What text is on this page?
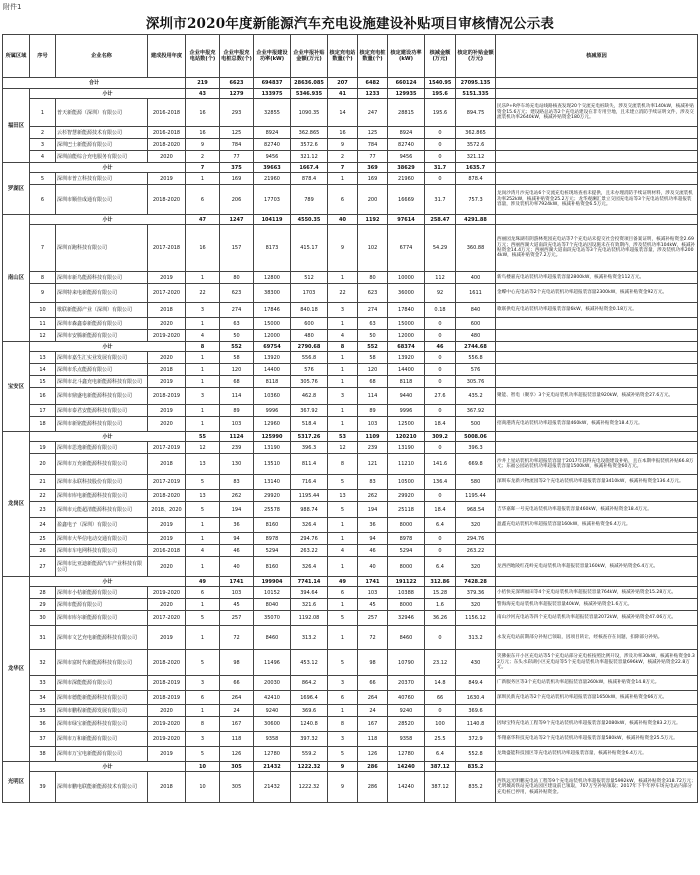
附件1
深圳市2020年度新能源汽车充电设施建设补贴项目审核情况公示表
所属区域	序号	企业名称	建成投用年度	企业申报充电站数(个)	企业申报充电桩总数(个)	企业申报建设功率(kW)	企业申报补贴金额(万元)	核定充电站数量(个)	核定充电桩数量(个)	核定建设功率(kW)	核减金额(万元)	核定的补贴金额(万元)	核减原因
合计				219	6623	694837	28636.085	207	6482	660124	1540.95	27095.135	
福田区	小计			43	1279	133975	5346.935	41	1233	129935	195.6	5151.335	
	1	普天新能源（深圳）有限公司	2016-2018	16	293	32855	1090.35	14	247	28815	195.6	894.75	民乐P+R停车场充电站线路核查发现20个交流充电桩缺失，涉及交流装机功率140kW，核减补贴资金15.6万元；建设路总站等2个充电站建设在非专用空地，且未建立消防手续证明文件，涉及交流装机功率2640kW，核减补贴资金180万元。
	2	云杉智慧新能源技术有限公司	2016-2018	16	125	8924	362.865	16	125	8924	0	362.865	
	3	深圳巴士新能源有限公司	2018-2020	9	784	82740	3572.6	9	784	82740	0	3572.6	
	4	深圳前能综合充电服务有限公司	2020	2	77	9456	321.12	2	77	9456	0	321.12	
罗湖区	小计			7	375	39663	1667.4	7	369	38629	31.7	1635.7	
	5	深圳市普立科技有限公司	2019	1	169	21960	878.4	1	169	21960	0	878.4	
	6	深圳市顺佳成通有限公司	2018-2020	6	206	17703	789	6	200	16669	31.7	757.3	龙岗沙湾月沙充电站6个交流充电桩现场查看未提供，且未办理消防手续证明材料，涉及交流装机功率252kW，核减补贴资金25.2万元；龙华观澜汇景立交园充电站等3个充电站装机功率超报装容量，涉及装机功率7924kW，核减补贴资金6.5万元。
南山区	小计			47	1247	104119	4550.35	40	1192	97614	258.47	4291.88	
	7	深圳百跑科技有限公司	2017-2018	16	157	8173	415.17	9	102	6774	54.29	360.88	西丽园龙珠湖有阴游林苑园充电站等7个充电站未提交社会投资项目备案证明，核减补贴资金2.69万元；西丽西湖大道南段充电站等7个充电站因设施未在有效期内，涉及装机功率104kW，核减补贴资金14.4万元；西丽西湖大道南段充电站等3个充电站装机功率超报装容量，涉及装机功率2004kW，核减补贴资金7.2万元。
	8	深圳市新鸟能源科技有限公司	2019	1	80	12800	512	1	80	10000	112	400	新鸟楼嘉充电站装机功率超报装容量2800kW，核减补贴资金112万元。
	9	深圳特来电新能源有限公司	2017-2020	22	623	38300	1703	22	623	36000	92	1611	金蝶中心充电站等2个充电站装机功率超报装容量2300kW，核减补贴资金92万元。
	10	歌联新能源产业（深圳）有限公司	2018	3	274	17846	840.18	3	274	17840	0.18	840	歌联供电充电站装机功率超报装容量6kW，核减补贴资金0.18万元。
	11	深圳市森鑫泰新能源有限公司	2020	1	63	15000	600	1	63	15000	0	600	
	12	深圳市安腾新能源有限公司	2019-2020	4	50	12000	480	4	50	12000	0	480	
宝安区	小计			8	552	69754	2790.68	8	552	68374	46	2744.68	
	13	深圳市嘉生汇实业发展有限公司	2020	1	58	13920	556.8	1	58	13920	0	556.8	
	14	深圳市乐点能源有限公司	2018	1	120	14400	576	1	120	14400	0	576	
	15	深圳市北斗鑫充电新能源科技有限公司	2019	1	68	8118	305.76	1	68	8118	0	305.76	
	16	深圳市鼎盛电新能源科技有限公司	2018-2019	3	114	10360	462.8	3	114	9440	27.6	435.2	聚能、智电（聚享）3个充电站装机功率超报装容量920kW，核减补贴资金27.6万元。
	17	深圳市泰君安能源科技有限公司	2019	1	89	9996	367.92	1	89	9996	0	367.92	
	18	深圳市新铭能源科技有限公司	2020	1	103	12960	518.4	1	103	12500	18.4	500	招商港湾充电站装机功率超报装容量460kW，核减补贴资金18.4万元。
龙岗区	小计			55	1124	125990	5317.26	53	1109	120210	309.2	5008.06	
	19	深圳市思逸新能源有限公司	2017-2019	12	239	13190	396.3	12	239	13190	0	396.3	
	20	深圳市万充新能源科技有限公司	2018	13	130	13510	811.4	8	121	11210	141.6	669.8	沙井上星站装机功率超报装容量于2017年获得充电设施建设补贴，且在本期申报装机补贴66.8万元；东福公园站装机功率超报装容量1500kW，核减补贴资金60万元。
	21	深圳市永联科技股份有限公司	2017-2019	5	83	13140	716.4	5	83	10500	136.4	580	深圳布龙新兴物流园等2个充电站装机功率超报装容量3410kW，核减补贴资金136.4万元。
	22	深圳市库电新能源科技有限公司	2018-2020	13	262	29920	1195.44	13	262	29920	0	1195.44	
	23	深圳市元能超清能源科技有限公司	2018、2020	5	194	25578	988.74	5	194	25118	18.4	968.54	吉华嘉晖一号充电站装机功率超报装容量460kW，核减补贴资金18.4万元。
	24	盈鑫电子（深圳）有限公司	2019	1	36	8160	326.4	1	36	8000	6.4	320	盈鑫充电站装机功率超报装容量160kW，核减补贴资金6.4万元。
	25	深圳市大华信电动交通有限公司	2019	1	94	8978	294.76	1	94	8978	0	294.76	
	26	深圳市车电网科技有限公司	2016-2018	4	46	5294	263.22	4	46	5294	0	263.22	
	27	深圳市比亚迪新能源汽车产业科技有限公司	2020	1	40	8160	326.4	1	40	8000	6.4	320	龙西西地陵红花岭充电站装机功率超报装容量160kW，核减补贴资金6.4万元。
龙华区	小计			49	1741	199904	7741.14	49	1741	191122	312.86	7428.28	
	28	深圳市小桔新能源有限公司	2019-2020	6	103	10152	394.64	6	103	10388	15.28	379.36	小桔快充深圳福田等4个充电站装机功率超报装容量764kW，核减补贴资金15.28万元。
	29	深圳市能源有限公司	2020	1	45	8040	321.6	1	45	8000	1.6	320	警海海充电站装机功率超报装容量40kW，核减补贴资金1.6万元。
	30	深圳市库尔新能源有限公司	2017-2020	5	257	35070	1192.08	5	257	32946	36.26	1156.12	南山沙河充电站等四个充电站装机功率超报装容量2072kW，核减补贴资金47.06万元。
	31	深圳市文艺充电新能源科技有限公司	2019	1	72	8460	313.2	1	72	8460	0	313.2	永发充电站前期部分补贴已领取，因项目转让，经核查存在问题，扣除部分补贴。
	32	深圳市富时代新能源科技有限公司	2018-2020	5	98	11496	453.12	5	98	10790	23.12	430	笑佛振东开小区充电站等5个充电站部分充电桩按照比例开设，涉及功率30kW，核减补贴资金0.32万元；东头水彩湖小区充电站等5个充电站装机功率超报装容量696kW，核减补贴资金22.8万元。
	33	深圳市深能能源有限公司	2018-2019	3	66	20030	864.2	3	66	20370	14.8	849.4	广新服务区等3个充电站装机功率超报装容量260kW，核减补贴资金14.8万元。
	34	深圳市德能新能源科技有限公司	2018-2019	6	264	42410	1696.4	6	264	40760	66	1630.4	深圳民新充电站等2个充电站装机功率超报装容量1650kW，核减补贴资金66万元。
	35	深圳市鹏程新能源发展有限公司	2020	1	24	9240	369.6	1	24	9240	0	369.6	
	36	深圳市绿宝新能源科技有限公司	2019-2020	8	167	30600	1240.8	8	167	28520	100	1140.8	因绿宝特充电站工程等9个充电站装机功率超报装容量2080kW，核减补贴资金83.2万元。
	37	深圳市万和新能源有限公司	2019-2020	3	118	9358	397.32	3	118	9358	25.5	372.9	华翔嘉华科技充电站等2个充电站装机功率超报装容量580kW，核减补贴资金25.5万元。
	38	深圳市万宝电新能源有限公司	2019	5	126	12780	559.2	5	126	12780	6.4	552.8	龙坳盛能科技园区等充电站装机功率超报装容量，核减补贴资金6.4万元。
光明区	小计			10	305	21432	1222.32	9	286	14240	387.12	835.2	
	39	深圳市鹏电联能新能源技术有限公司	2018	10	305	21432	1222.32	9	286	14240	387.12	835.2	西铁远光明鹏充电站工程等9个充电站装机功率超报装容量5992kW，核减补贴资金318.72万元；光明城高铁站充电站园区建设前已领取，707万至补贴领取；2017年下半年停车场充电站内部分充电桩已停用，核减补贴资金。
